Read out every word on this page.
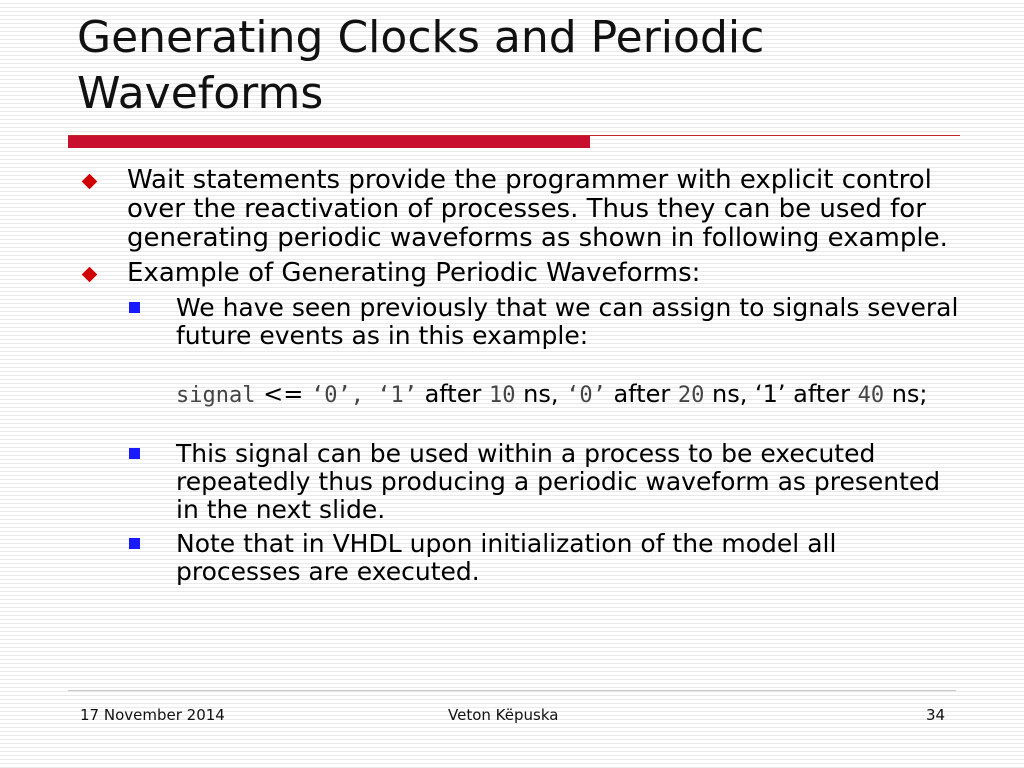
Generating Clocks and Periodic Waveforms
Wait statements provide the programmer with explicit control over the reactivation of processes. Thus they can be used for generating periodic waveforms as shown in following example.
Example of Generating Periodic Waveforms:
We have seen previously that we can assign to signals several future events as in this example:
signal <= ‘0’, ‘1’ after 10 ns, ‘0’ after 20 ns, ‘1’ after 40 ns;
This signal can be used within a process to be executed repeatedly thus producing a periodic waveform as presented in the next slide.
Note that in VHDL upon initialization of the model all processes are executed.
17 November 2014	Veton Këpuska	34
